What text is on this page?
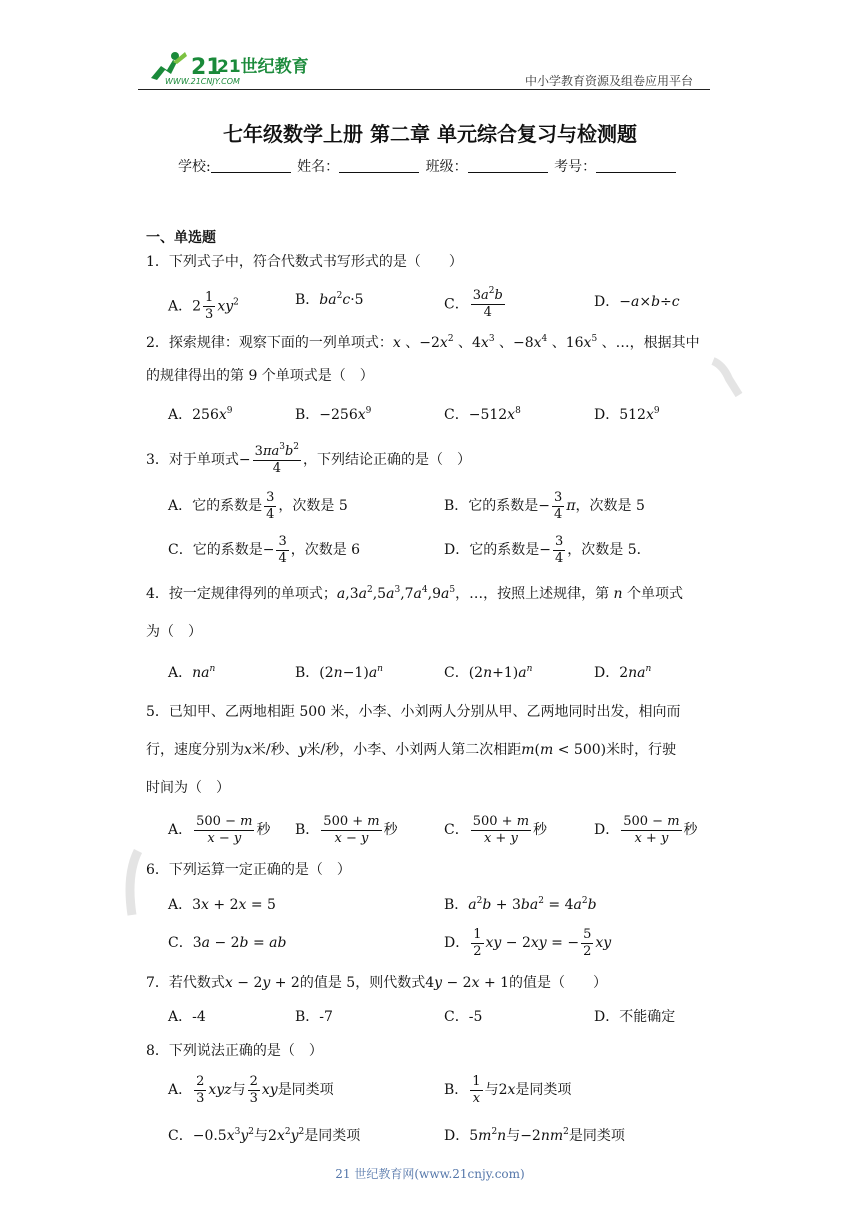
21
21世纪教育
WWW.21CNJY.COM	中小学教育资源及组卷应用平台
七年级数学上册 第二章 单元综合复习与检测题
学校:	姓名：	班级：	考号：
一、单选题
1．下列式子中，符合代数式书写形式的是（　　）
A．$2 \frac{1}{3} xy^2$	B．$ba^2c\cdot 5$	C． $\frac{3a^2b}{4}$	D．−a×b÷c
2．探索规律：观察下面的一列单项式：x 、$-2x^2$ 、$4x^3$ 、$-8x^4$ 、$16x^5$ 、…，根据其中
的规律得出的第 9 个单项式是（　）
A．$256x^9$	B．$-256x^9$	C．$-512x^8$	D．$512x^9$
3．对于单项式− $\frac{3\pi a^3b^2}{4}$ ，下列结论正确的是（　）
A．它的系数是 $\frac{3}{4}$ ，次数是 5	B．它的系数是− $\frac{3}{4}$ π，次数是 5
C．它的系数是− $\frac{3}{4}$ ，次数是 6	D．它的系数是− $\frac{3}{4}$ ，次数是 5．
4．按一定规律得列的单项式；$a,3a^2,5a^3,7a^4,9a^5$，…，按照上述规律，第 n 个单项式
为（　）
A．$na^n$	B．$(2n-1)a^n$	C．$(2n+1)a^n$	D．$2na^n$
5．已知甲、乙两地相距 500 米，小李、小刘两人分别从甲、乙两地同时出发，相向而
行，速度分别为x米/秒、y米/秒，小李、小刘两人第二次相距m(m < 500)米时，行驶
时间为（　）
A． $\frac{500 - m}{x - y}$ 秒 B． $\frac{500 + m}{x - y}$ 秒	C． $\frac{500 + m}{x + y}$ 秒	D． $\frac{500 - m}{x + y}$ 秒
6．下列运算一定正确的是（　）
A．3x + 2x = 5	B．$a^2b + 3ba^2 = 4a^2b$
C．3a − 2b = ab	D． $\frac{1}{2}$ xy − 2xy = − $\frac{5}{2}$ xy
7．若代数式x − 2y + 2的值是 5，则代数式4y − 2x + 1的值是（　　）
A．-4	B．-7	C．-5	D．不能确定
8．下列说法正确的是（　）
A． $\frac{2}{3}$ xyz与 $\frac{2}{3}$ xy是同类项	B． $\frac{1}{x}$ 与2x是同类项
C．$-0.5x^3y^2$与$2x^2y^2$是同类项	D．$5m^2n$与$-2nm^2$是同类项
21 世纪教育网(www.21cnjy.com)
